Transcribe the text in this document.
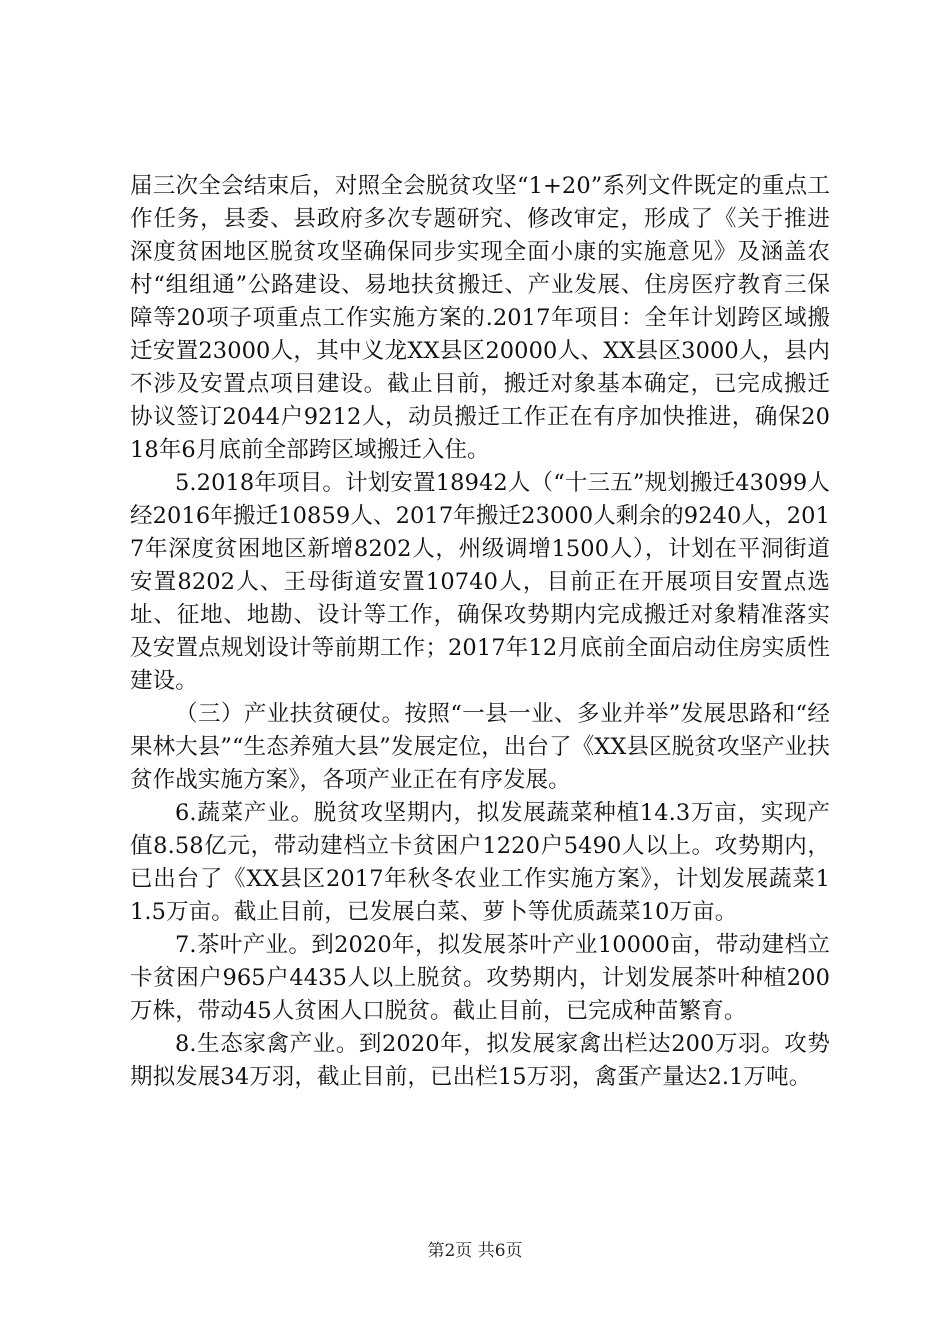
届三次全会结束后，对照全会脱贫攻坚“1+20”系列文件既定的重点工作任务，县委、县政府多次专题研究、修改审定，形成了《关于推进深度贫困地区脱贫攻坚确保同步实现全面小康的实施意见》及涵盖农村“组组通”公路建设、易地扶贫搬迁、产业发展、住房医疗教育三保障等20项子项重点工作实施方案的.2017年项目：全年计划跨区域搬迁安置23000人，其中义龙XX县区20000人、XX县区3000人，县内不涉及安置点项目建设。截止目前，搬迁对象基本确定，已完成搬迁协议签订2044户9212人，动员搬迁工作正在有序加快推进，确保2018年6月底前全部跨区域搬迁入住。

5.2018年项目。计划安置18942人（“十三五”规划搬迁43099人经2016年搬迁10859人、2017年搬迁23000人剩余的9240人，2017年深度贫困地区新增8202人，州级调增1500人），计划在平洞街道安置8202人、王母街道安置10740人，目前正在开展项目安置点选址、征地、地勘、设计等工作，确保攻势期内完成搬迁对象精准落实及安置点规划设计等前期工作；2017年12月底前全面启动住房实质性建设。

（三）产业扶贫硬仗。按照“一县一业、多业并举”发展思路和“经果林大县”“生态养殖大县”发展定位，出台了《XX县区脱贫攻坚产业扶贫作战实施方案》，各项产业正在有序发展。

6.蔬菜产业。脱贫攻坚期内，拟发展蔬菜种植14.3万亩，实现产值8.58亿元，带动建档立卡贫困户1220户5490人以上。攻势期内，已出台了《XX县区2017年秋冬农业工作实施方案》，计划发展蔬菜11.5万亩。截止目前，已发展白菜、萝卜等优质蔬菜10万亩。

7.茶叶产业。到2020年，拟发展茶叶产业10000亩，带动建档立卡贫困户965户4435人以上脱贫。攻势期内，计划发展茶叶种植200万株，带动45人贫困人口脱贫。截止目前，已完成种苗繁育。

8.生态家禽产业。到2020年，拟发展家禽出栏达200万羽。攻势期拟发展34万羽，截止目前，已出栏15万羽，禽蛋产量达2.1万吨。

第2页 共6页
